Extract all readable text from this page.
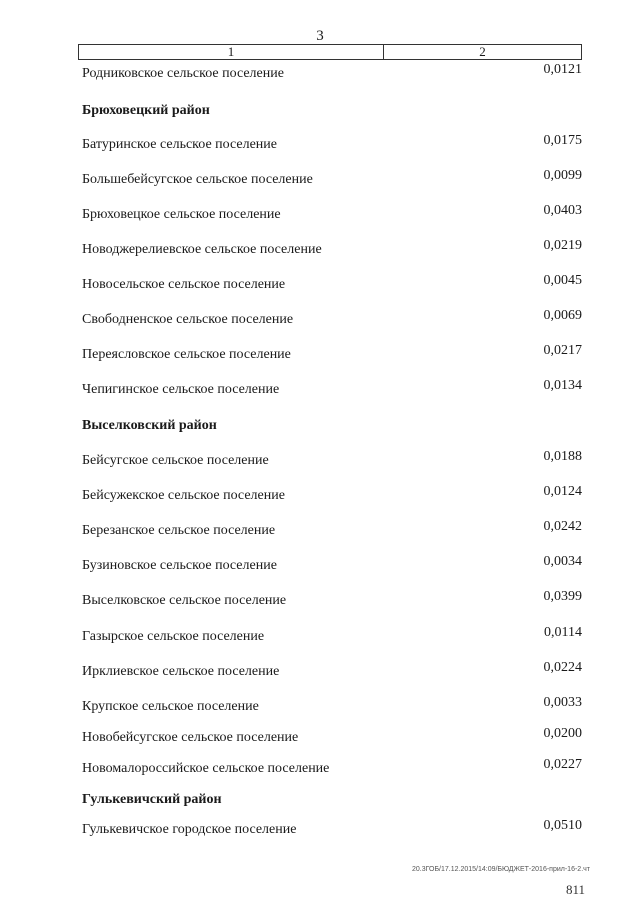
3
1	2
Родниковское сельское поселение	0,0121
Брюховецкий район
Батуринское сельское поселение	0,0175
Большебейсугское сельское поселение	0,0099
Брюховецкое сельское поселение	0,0403
Новоджерелиевское сельское поселение	0,0219
Новосельское сельское поселение	0,0045
Свободненское сельское поселение	0,0069
Переясловское сельское поселение	0,0217
Чепигинское сельское поселение	0,0134
Выселковский район
Бейсугское сельское поселение	0,0188
Бейсужекское сельское поселение	0,0124
Березанское сельское поселение	0,0242
Бузиновское сельское поселение	0,0034
Выселковское сельское поселение	0,0399
Газырское сельское поселение	0,0114
Ирклиевское сельское поселение	0,0224
Крупское сельское поселение	0,0033
Новобейсугское сельское поселение	0,0200
Новомалороссийское сельское поселение	0,0227
Гулькевичский район
Гулькевичское городское поселение	0,0510
20.3ГОБ/17.12.2015/14:09/БЮДЖЕТ-2016-прил-16-2.чт
811
